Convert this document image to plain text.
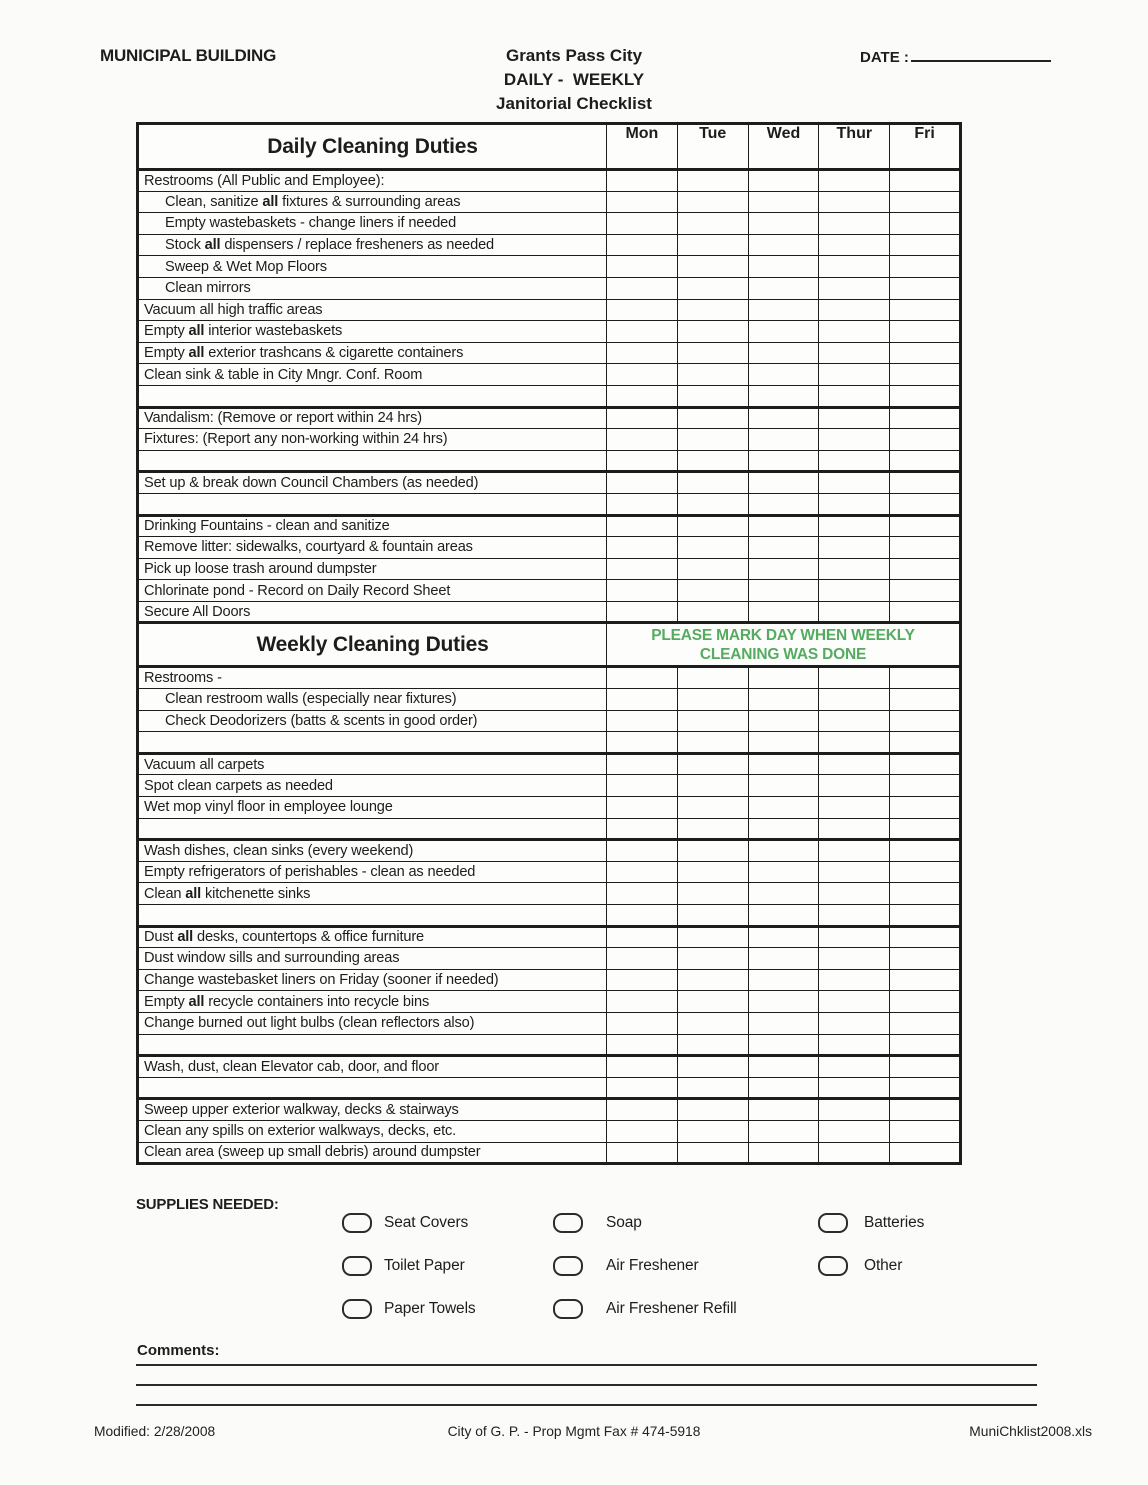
MUNICIPAL BUILDING	Grants Pass City
DAILY -  WEEKLY
Janitorial Checklist
DATE :
Daily Cleaning Duties	Mon	Tue	Wed	Thur	Fri
Restrooms (All Public and Employee):					
Clean, sanitize all fixtures & surrounding areas					
Empty wastebaskets - change liners if needed					
Stock all dispensers / replace fresheners as needed					
Sweep & Wet Mop Floors					
Clean mirrors					
Vacuum all high traffic areas					
Empty all interior wastebaskets					
Empty all exterior trashcans & cigarette containers					
Clean sink & table in City Mngr. Conf. Room					

Vandalism: (Remove or report within 24 hrs)					
Fixtures: (Report any non-working within 24 hrs)					

Set up & break down Council Chambers (as needed)					

Drinking Fountains - clean and sanitize					
Remove litter: sidewalks, courtyard & fountain areas					
Pick up loose trash around dumpster					
Chlorinate pond - Record on Daily Record Sheet					
Secure All Doors					
Weekly Cleaning Duties	PLEASE MARK DAY WHEN WEEKLY
CLEANING WAS DONE				

Restrooms -					
Clean restroom walls (especially near fixtures)					
Check Deodorizers (batts & scents in good order)					

Vacuum all carpets					
Spot clean carpets as needed					
Wet mop vinyl floor in employee lounge					

Wash dishes, clean sinks (every weekend)					
Empty refrigerators of perishables - clean as needed					
Clean all kitchenette sinks					

Dust all desks, countertops & office furniture					
Dust window sills and surrounding areas					
Change wastebasket liners on Friday (sooner if needed)					
Empty all recycle containers into recycle bins					
Change burned out light bulbs (clean reflectors also)					

Wash, dust, clean Elevator cab, door, and floor					

Sweep upper exterior walkway, decks & stairways					
Clean any spills on exterior walkways, decks, etc.					
Clean area (sweep up small debris) around dumpster					
SUPPLIES NEEDED:
Seat Covers
Toilet Paper
Paper Towels
Soap
Air Freshener
Air Freshener Refill
Batteries
Other
Comments:
Modified: 2/28/2008	City of G. P. - Prop Mgmt Fax # 474-5918	MuniChklist2008.xls
